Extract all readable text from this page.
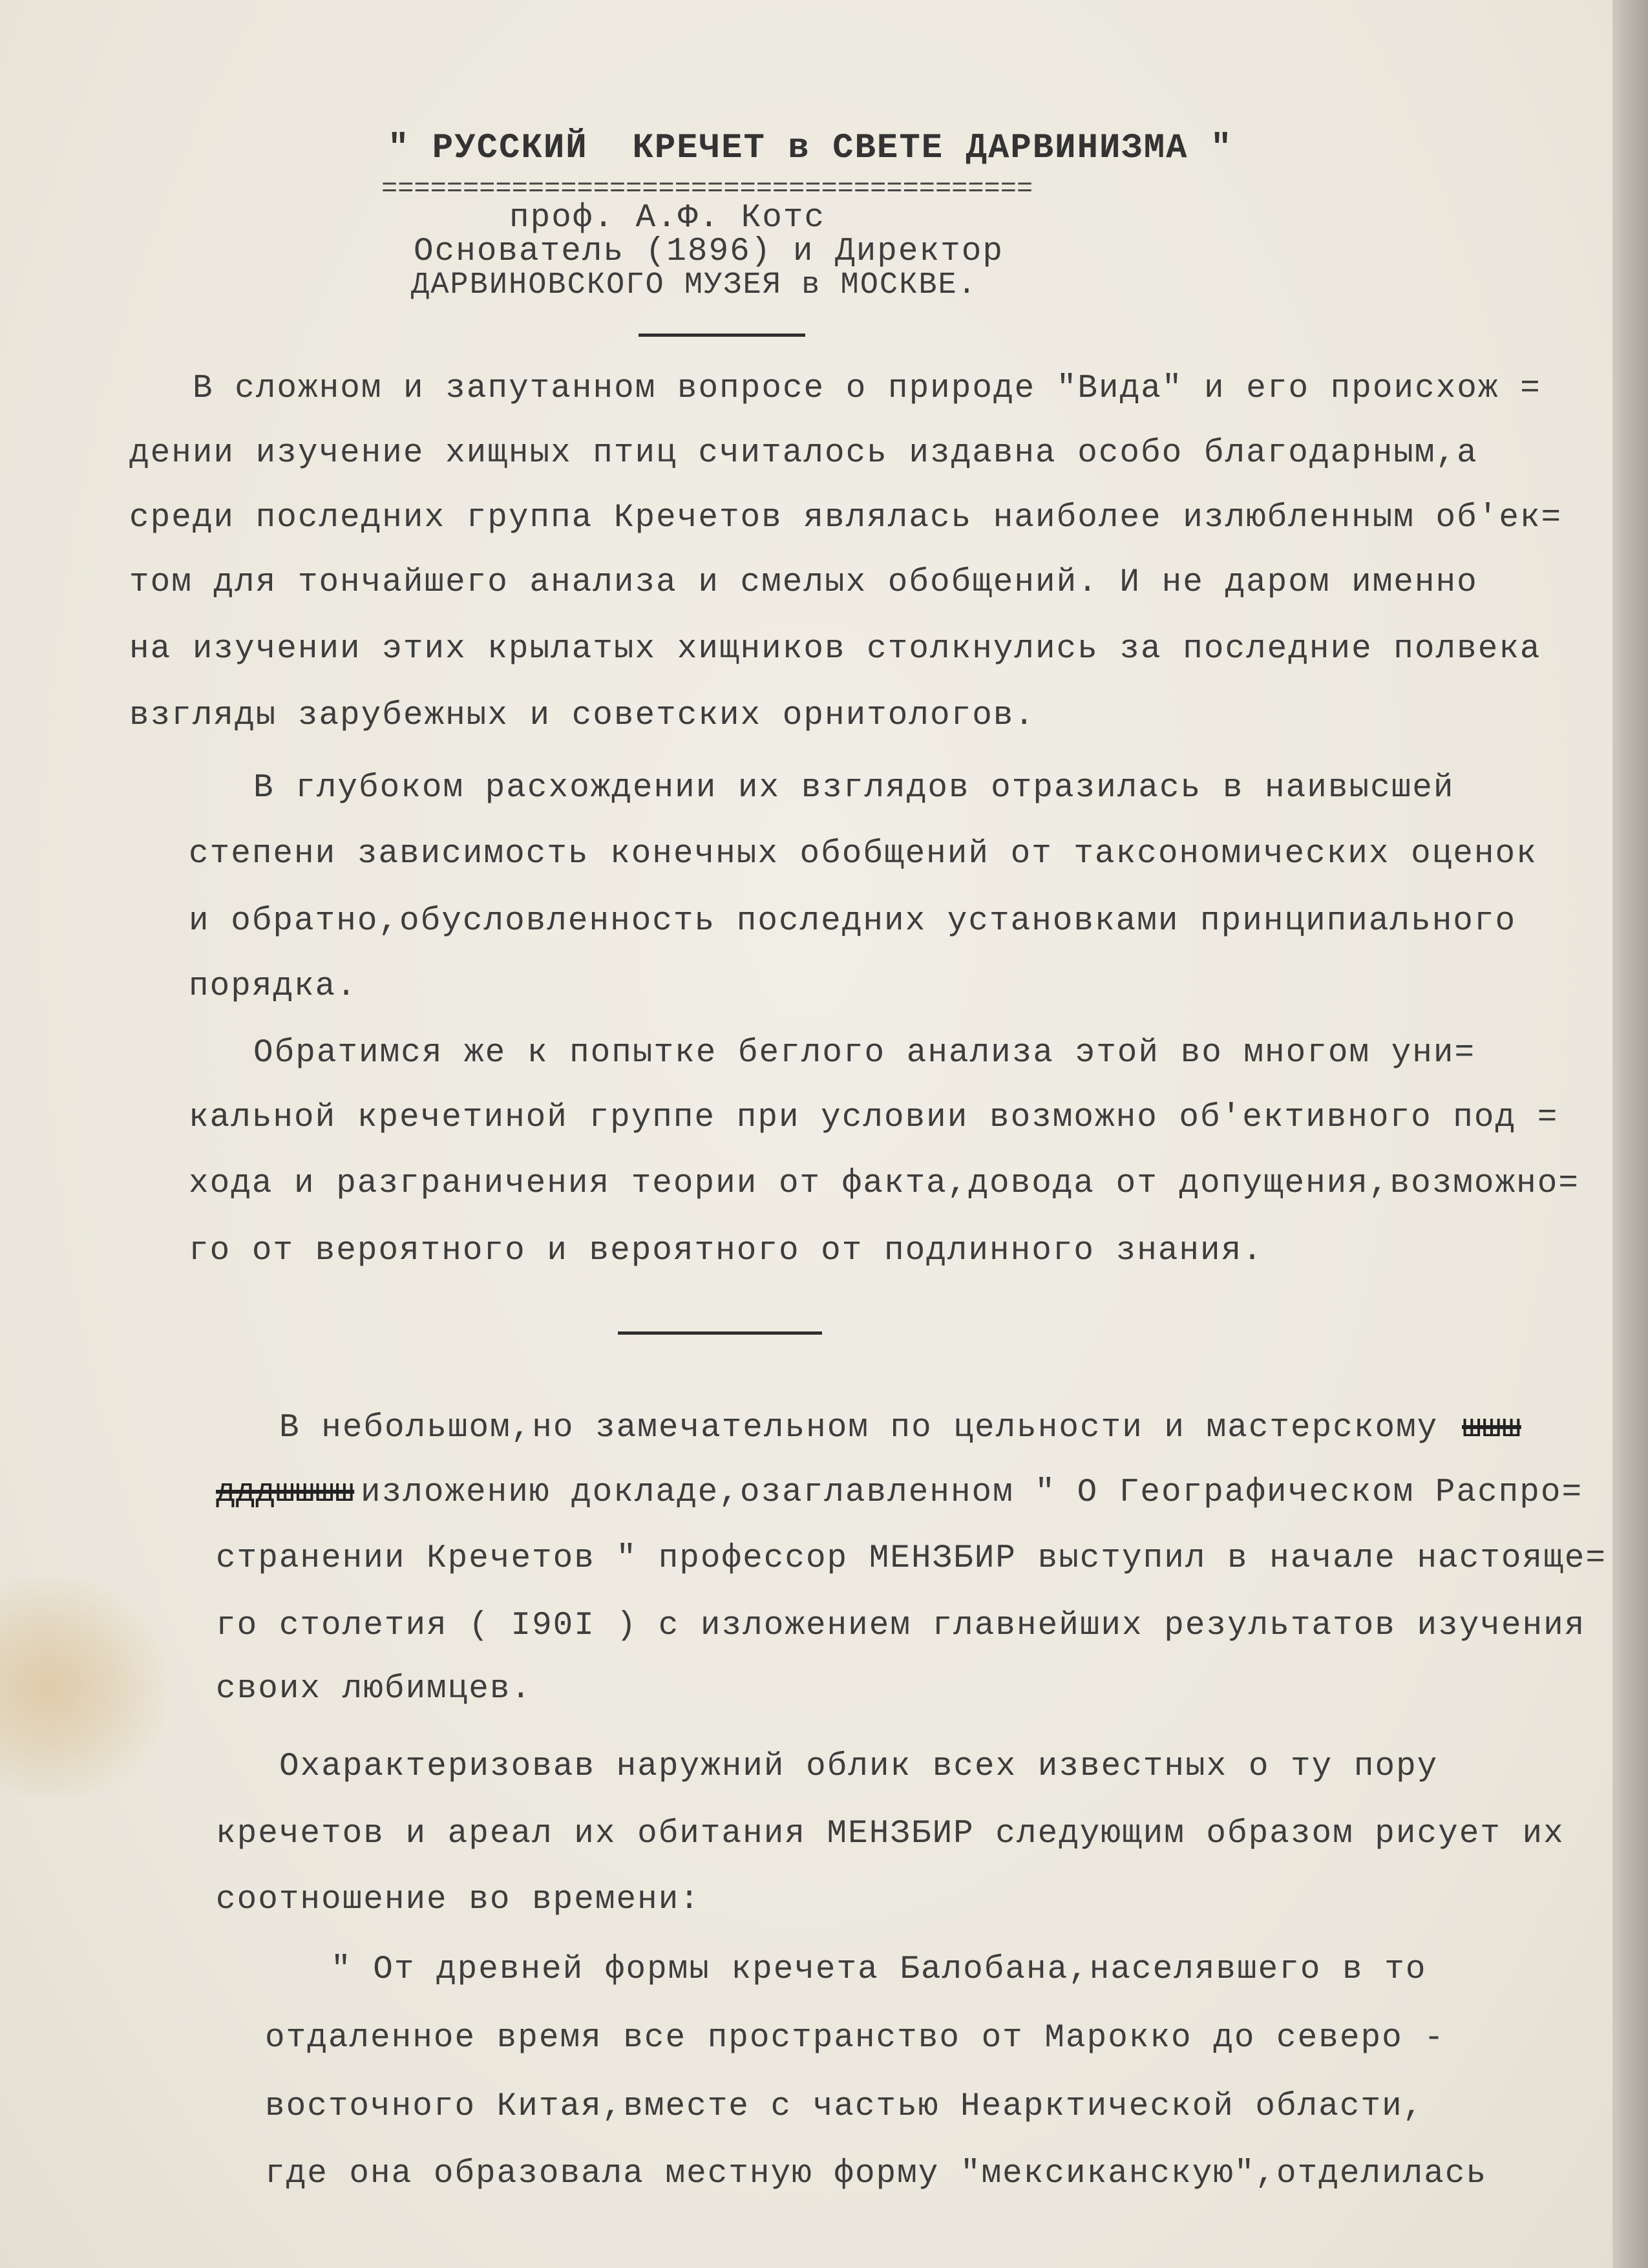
" РУССКИЙ  КРЕЧЕТ в СВЕТЕ ДАРВИНИЗМА "
========================================
проф. А.Ф. Котс
Основатель (1896) и Директор
ДАРВИНОВСКОГО МУЗЕЯ в МОСКВЕ.
В сложном и запутанном вопросе о природе "Вида" и его происхож =
дении изучение хищных птиц считалось издавна особо благодарным,а
среди последних группа Кречетов являлась наиболее излюбленным об'ек=
том для тончайшего анализа и смелых обобщений. И не даром именно
на изучении этих крылатых хищников столкнулись за последние полвека
взгляды зарубежных и советских орнитологов.
В глубоком расхождении их взглядов отразилась в наивысшей
степени зависимость конечных обобщений от таксономических оценок
и обратно,обусловленность последних установками принципиального
порядка.
Обратимся же к попытке беглого анализа этой во многом уни=
кальной кречетиной группе при условии возможно об'ективного под =
хода и разграничения теории от факта,довода от допущения,возможно=
го от вероятного и вероятного от подлинного знания.
В небольшом,но замечательном по цельности и мастерскому шшш
дддшшшш изложению докладе,озаглавленном " О Географическом Распро=
странении Кречетов " профессор МЕНЗБИР выступил в начале настояще=
го столетия ( I90I ) с изложением главнейших результатов изучения
своих любимцев.
Охарактеризовав наружний облик всех известных о ту пору
кречетов и ареал их обитания МЕНЗБИР следующим образом рисует их
соотношение во времени:
" От древней формы кречета Балобана,населявшего в то
отдаленное время все пространство от Марокко до северо -
восточного Китая,вместе с частью Неарктической области,
где она образовала местную форму "мексиканскую",отделилась
